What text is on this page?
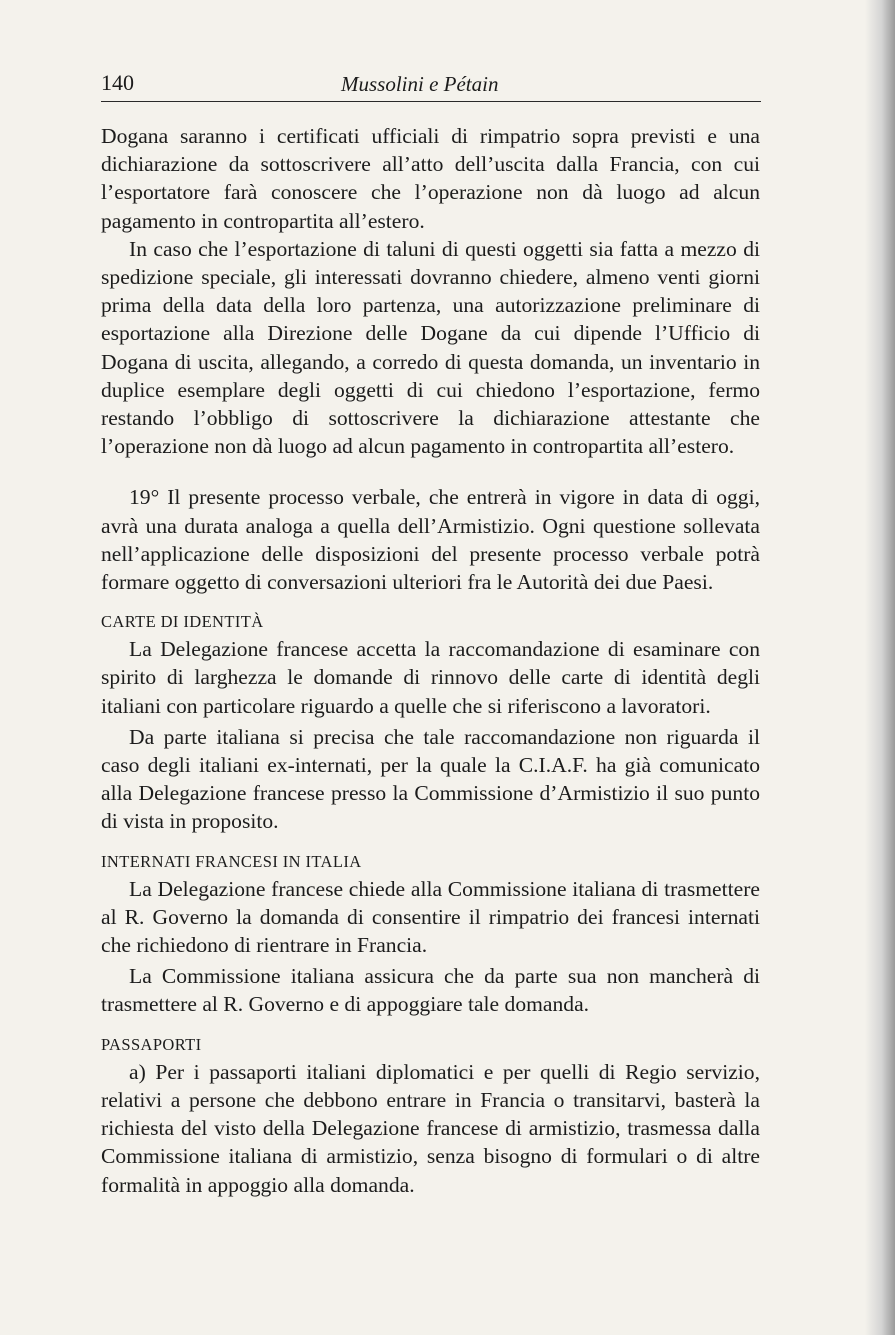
140	Mussolini e Pétain

Dogana saranno i certificati ufficiali di rimpatrio sopra previsti e una dichiarazione da sottoscrivere all’atto dell’uscita dalla Francia, con cui l’esportatore farà conoscere che l’operazione non dà luogo ad alcun pagamento in contropartita all’estero.

In caso che l’esportazione di taluni di questi oggetti sia fatta a mezzo di spedizione speciale, gli interessati dovranno chiedere, almeno venti giorni prima della data della loro partenza, una autorizzazione preliminare di esportazione alla Direzione delle Dogane da cui dipende l’Ufficio di Dogana di uscita, allegando, a corredo di questa domanda, un inventario in duplice esemplare degli oggetti di cui chiedono l’esportazione, fermo restando l’obbligo di sottoscrivere la dichiarazione attestante che l’operazione non dà luogo ad alcun pagamento in contropartita all’estero.

19° Il presente processo verbale, che entrerà in vigore in data di oggi, avrà una durata analoga a quella dell’Armistizio. Ogni questione sollevata nell’applicazione delle disposizioni del presente processo verbale potrà formare oggetto di conversazioni ulteriori fra le Autorità dei due Paesi.

CARTE DI IDENTITÀ

La Delegazione francese accetta la raccomandazione di esaminare con spirito di larghezza le domande di rinnovo delle carte di identità degli italiani con particolare riguardo a quelle che si riferiscono a lavoratori.

Da parte italiana si precisa che tale raccomandazione non riguarda il caso degli italiani ex-internati, per la quale la C.I.A.F. ha già comunicato alla Delegazione francese presso la Commissione d’Armistizio il suo punto di vista in proposito.

INTERNATI FRANCESI IN ITALIA

La Delegazione francese chiede alla Commissione italiana di trasmettere al R. Governo la domanda di consentire il rimpatrio dei francesi internati che richiedono di rientrare in Francia.

La Commissione italiana assicura che da parte sua non mancherà di trasmettere al R. Governo e di appoggiare tale domanda.

PASSAPORTI

a) Per i passaporti italiani diplomatici e per quelli di Regio servizio, relativi a persone che debbono entrare in Francia o transitarvi, basterà la richiesta del visto della Delegazione francese di armistizio, trasmessa dalla Commissione italiana di armistizio, senza bisogno di formulari o di altre formalità in appoggio alla domanda.
